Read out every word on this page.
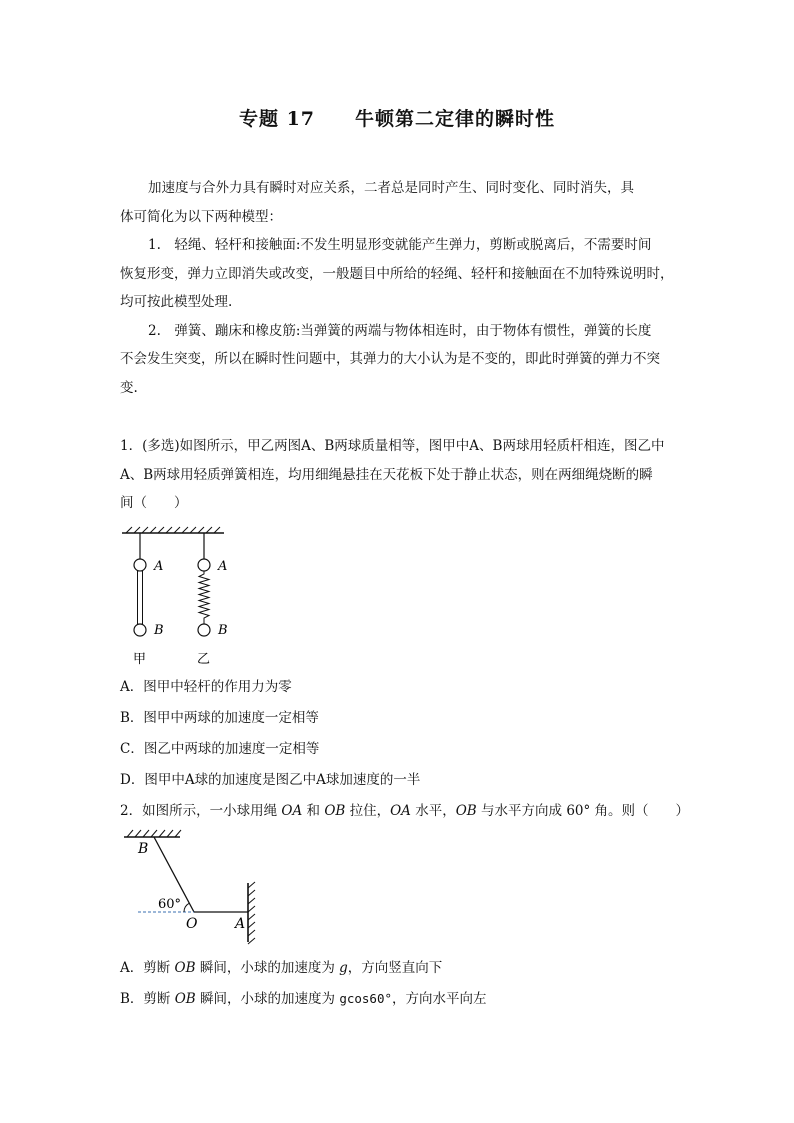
专题 17 牛顿第二定律的瞬时性
加速度与合外力具有瞬时对应关系，二者总是同时产生、同时变化、同时消失，具
体可简化为以下两种模型：
1.　轻绳、轻杆和接触面:不发生明显形变就能产生弹力，剪断或脱离后，不需要时间
恢复形变，弹力立即消失或改变，一般题目中所给的轻绳、轻杆和接触面在不加特殊说明时，
均可按此模型处理.
2.　弹簧、蹦床和橡皮筋:当弹簧的两端与物体相连时，由于物体有惯性，弹簧的长度
不会发生突变，所以在瞬时性问题中，其弹力的大小认为是不变的，即此时弹簧的弹力不突
变.
1．(多选)如图所示，甲乙两图A、B两球质量相等，图甲中A、B两球用轻质杆相连，图乙中
A、B两球用轻质弹簧相连，均用细绳悬挂在天花板下处于静止状态，则在两细绳烧断的瞬
间（　　）
A
B
A
B
甲	乙
A．图甲中轻杆的作用力为零
B．图甲中两球的加速度一定相等
C．图乙中两球的加速度一定相等
D．图甲中A球的加速度是图乙中A球加速度的一半
2．如图所示，一小球用绳 OA 和 OB 拉住，OA 水平，OB 与水平方向成 60° 角。则（　　）
B
60°
O	A
A．剪断 OB 瞬间，小球的加速度为 g，方向竖直向下
B．剪断 OB 瞬间，小球的加速度为 gcos60°，方向水平向左
